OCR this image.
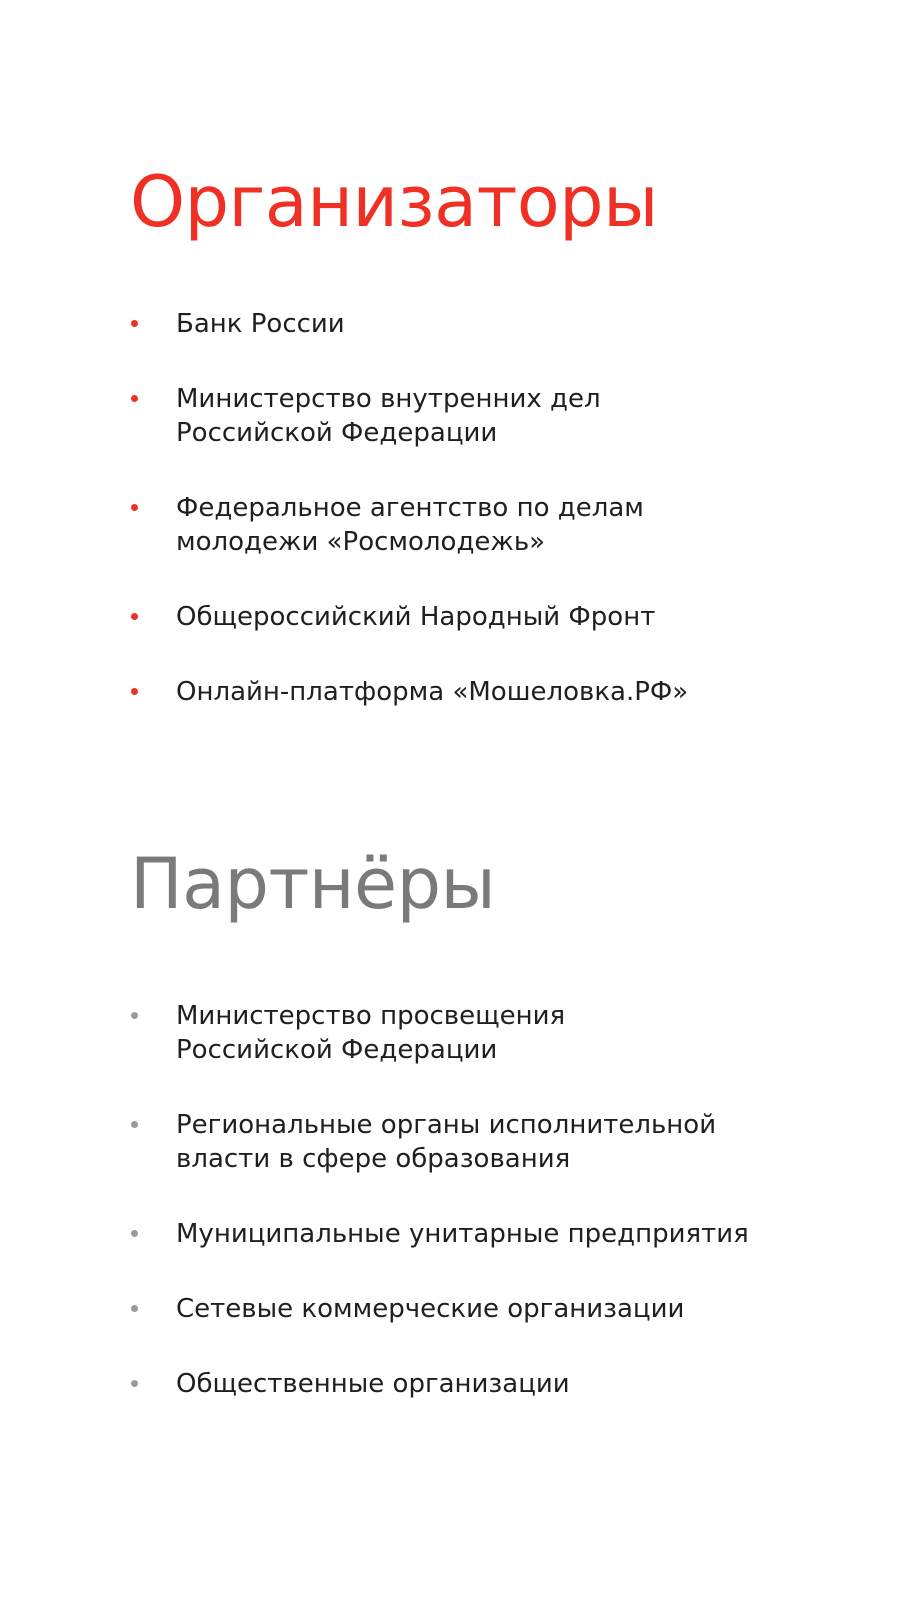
Организаторы
Банк России
Министерство внутренних дел
Российской Федерации
Федеральное агентство по делам
молодежи «Росмолодежь»
Общероссийский Народный Фронт
Онлайн-платформа «Мошеловка.РФ»
Партнёры
Министерство просвещения
Российской Федерации
Региональные органы исполнительной
власти в сфере образования
Муниципальные унитарные предприятия
Сетевые коммерческие организации
Общественные организации
